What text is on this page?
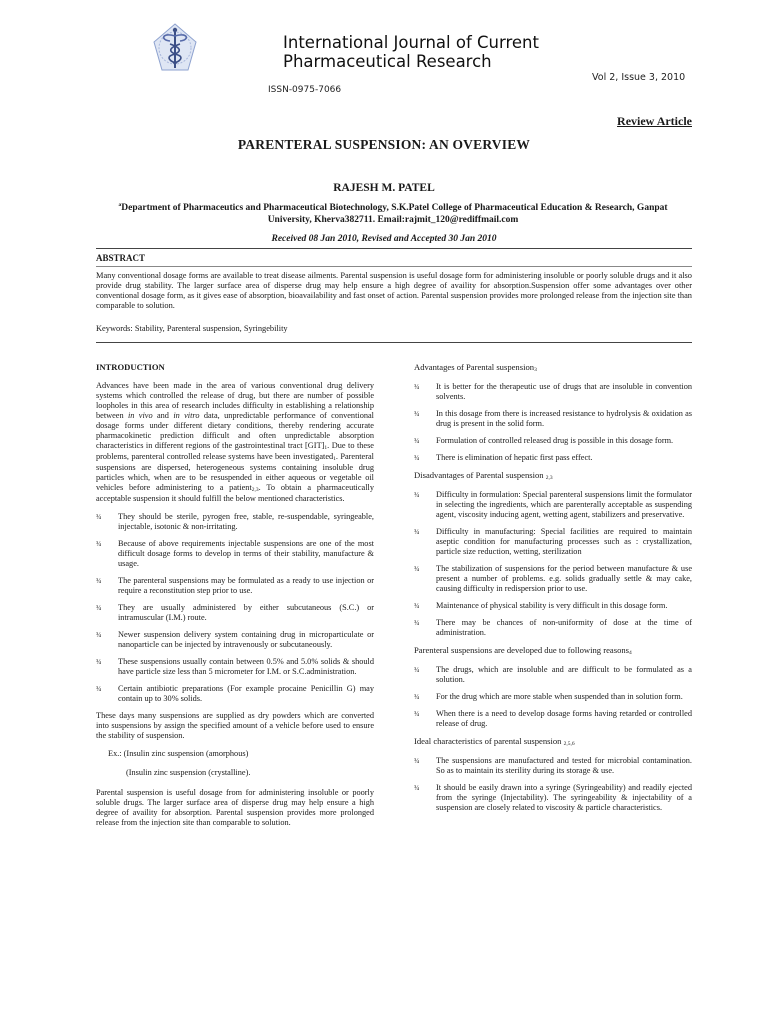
International Journal of Current
Pharmaceutical Research
Vol 2, Issue 3, 2010
ISSN-0975-7066
Review Article
PARENTERAL SUSPENSION: AN OVERVIEW
RAJESH M. PATEL
ªDepartment of Pharmaceutics and Pharmaceutical Biotechnology, S.K.Patel College of Pharmaceutical Education & Research, Ganpat University, Kherva382711. Email:rajmit_120@rediffmail.com
Received 08 Jan 2010, Revised and Accepted 30 Jan 2010
ABSTRACT
Many conventional dosage forms are available to treat disease ailments. Parental suspension is useful dosage form for administering insoluble or poorly soluble drugs and it also provide drug stability. The larger surface area of disperse drug may help ensure a high degree of availity for absorption.Suspension offer some advantages over other conventional dosage form, as it gives ease of absorption, bioavailability and fast onset of action. Parental suspension provides more prolonged release from the injection site than comparable to solution.
Keywords: Stability, Parenteral suspension, Syringebility
INTRODUCTION

Advances have been made in the area of various conventional drug delivery systems which controlled the release of drug, but there are number of possible loopholes in this area of research includes difficulty in establishing a relationship between in vivo and in vitro data, unpredictable performance of conventional dosage forms under different dietary conditions, thereby rendering accurate pharmacokinetic prediction difficult and often unpredictable absorption characteristics in different regions of the gastrointestinal tract [GIT]1. Due to these problems, parenteral controlled release systems have been investigated1. Parenteral suspensions are dispersed, heterogeneous systems containing insoluble drug particles which, when are to be resuspended in either aqueous or vegetable oil vehicles before administering to a patient2,3. To obtain a pharmaceutically acceptable suspension it should fulfill the below mentioned characteristics.

¾ They should be sterile, pyrogen free, stable, re-suspendable, syringeable, injectable, isotonic & non-irritating.
¾ Because of above requirements injectable suspensions are one of the most difficult dosage forms to develop in terms of their stability, manufacture & usage.
¾ The parenteral suspensions may be formulated as a ready to use injection or require a reconstitution step prior to use.
¾ They are usually administered by either subcutaneous (S.C.) or intramuscular (I.M.) route.
¾ Newer suspension delivery system containing drug in microparticulate or nanoparticle can be injected by intravenously or subcutaneously.
¾ These suspensions usually contain between 0.5% and 5.0% solids & should have particle size less than 5 micrometer for I.M. or S.C.administration.
¾ Certain antibiotic preparations (For example procaine Penicillin G) may contain up to 30% solids.

These days many suspensions are supplied as dry powders which are converted into suspensions by assign the specified amount of a vehicle before used to ensure the stability of suspension.

Ex.: (Insulin zinc suspension (amorphous)
(Insulin zinc suspension (crystalline).

Parental suspension is useful dosage from for administering insoluble or poorly soluble drugs. The larger surface area of disperse drug may help ensure a high degree of availity for absorption. Parental suspension provides more prolonged release from the injection site than comparable to solution.

Advantages of Parental suspension3
¾ It is better for the therapeutic use of drugs that are insoluble in convention solvents.
¾ In this dosage from there is increased resistance to hydrolysis & oxidation as drug is present in the solid form.
¾ Formulation of controlled released drug is possible in this dosage form.
¾ There is elimination of hepatic first pass effect.
Disadvantages of Parental suspension 2,3
¾ Difficulty in formulation: Special parenteral suspensions limit the formulator in selecting the ingredients, which are parenterally acceptable as suspending agent, viscosity inducing agent, wetting agent, stabilizers and preservative.
¾ Difficulty in manufacturing: Special facilities are required to maintain aseptic condition for manufacturing processes such as : crystallization, particle size reduction, wetting, sterilization
¾ The stabilization of suspensions for the period between manufacture & use present a number of problems. e.g. solids gradually settle & may cake, causing difficulty in redispersion prior to use.
¾ Maintenance of physical stability is very difficult in this dosage form.
¾ There may be chances of non-uniformity of dose at the time of administration.
Parenteral suspensions are developed due to following reasons4
¾ The drugs, which are insoluble and are difficult to be formulated as a solution.
¾ For the drug which are more stable when suspended than in solution form.
¾ When there is a need to develop dosage forms having retarded or controlled release of drug.
Ideal characteristics of parental suspension 2,5,6
¾ The suspensions are manufactured and tested for microbial contamination. So as to maintain its sterility during its storage & use.
¾ It should be easily drawn into a syringe (Syringeability) and readily ejected from the syringe (Injectability). The syringeability & injectability of a suspension are closely related to viscosity & particle characteristics.
